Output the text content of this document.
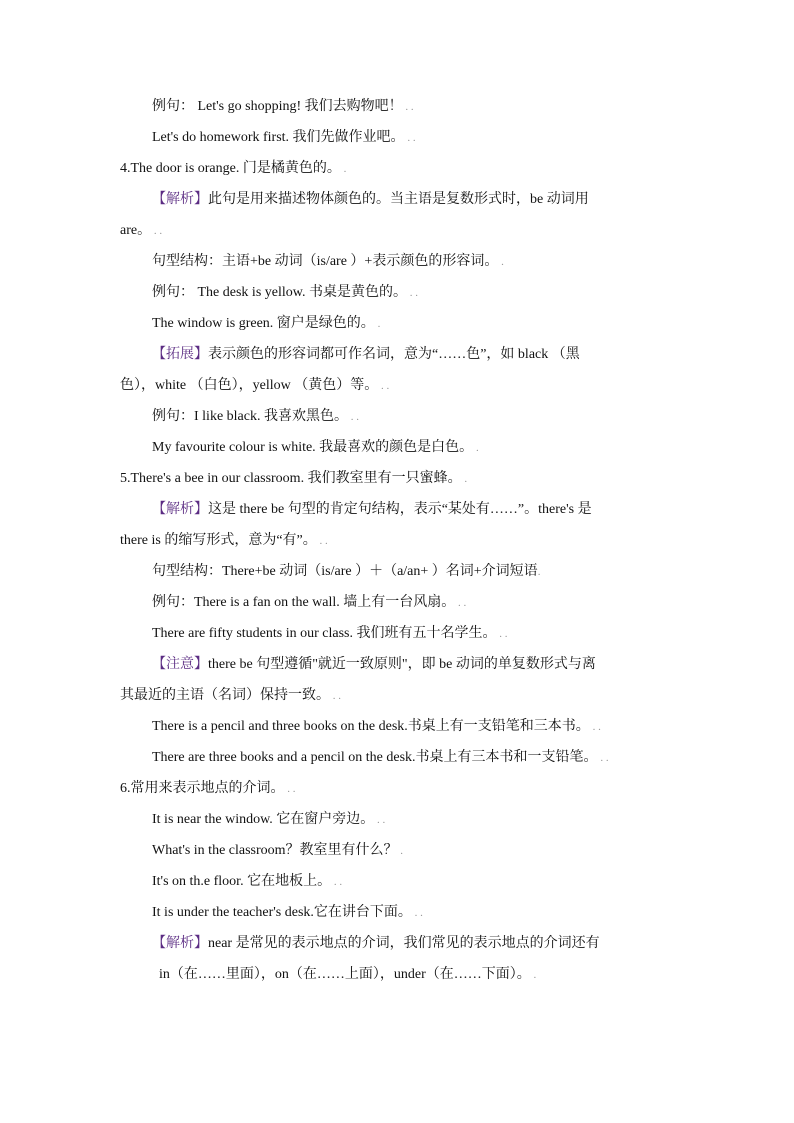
例句： Let's go shopping! 我们去购物吧！ . .
Let's do homework first. 我们先做作业吧。 . .
4.The door is orange. 门是橘黄色的。 .
【解析】此句是用来描述物体颜色的。当主语是复数形式时，be 动词用
are。 . .
句型结构：主语+be 动词（is/are ）+表示颜色的形容词。 .
例句： The desk is yellow. 书桌是黄色的。 . .
The window is green. 窗户是绿色的。 .
【拓展】表示颜色的形容词都可作名词，意为“……色”，如 black （黑
色），white （白色），yellow （黄色）等。 . .
例句：I like black. 我喜欢黑色。 . .
My favourite colour is white. 我最喜欢的颜色是白色。 .
5.There's a bee in our classroom. 我们教室里有一只蜜蜂。 .
【解析】这是 there be 句型的肯定句结构，表示“某处有……”。there's 是
there is 的缩写形式，意为“有”。 . .
句型结构：There+be 动词（is/are ）＋（a/an+ ）名词+介词短语.
例句：There is a fan on the wall. 墙上有一台风扇。 . .
There are fifty students in our class. 我们班有五十名学生。 . .
【注意】there be 句型遵循"就近一致原则"，即 be 动词的单复数形式与离
其最近的主语（名词）保持一致。 . .
There is a pencil and three books on the desk.书桌上有一支铅笔和三本书。 . .
There are three books and a pencil on the desk.书桌上有三本书和一支铅笔。 . .
6.常用来表示地点的介词。 . .
It is near the window. 它在窗户旁边。 . .
What's in the classroom？教室里有什么？ .
It's on th.e floor. 它在地板上。 . .
It is under the teacher's desk.它在讲台下面。 . .
【解析】near 是常见的表示地点的介词，我们常见的表示地点的介词还有
in（在……里面），on（在……上面），under（在……下面）。 .
